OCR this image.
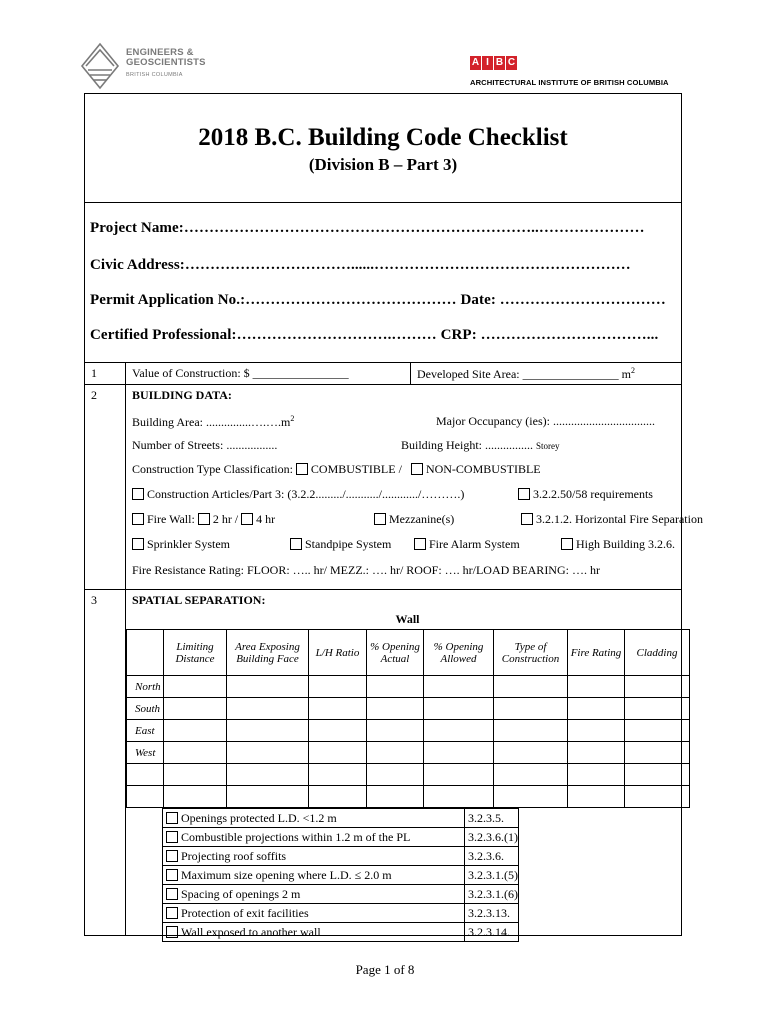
ENGINEERS &
GEOSCIENTISTS
BRITISH COLUMBIA
A I B C
ARCHITECTURAL INSTITUTE OF BRITISH COLUMBIA
2018 B.C. Building Code Checklist
(Division B – Part 3)
Project Name:……………………………………………………………..…………………
Civic Address:……………………………......……………………………………………
Permit Application No.:…………………………………… Date: ……………………………
Certified Professional:………………………….……… CRP: ……………………………...
1	Value of Construction: $ ________________	Developed Site Area: ________________ $m^2$
2	BUILDING DATA:
Building Area: $...............\dots.\dots.m^2$	Major Occupancy (ies): ..................................
Number of Streets: .................	Building Height: ................ Storey
Construction Type Classification: COMBUSTIBLE / NON-COMBUSTIBLE
Construction Articles/Part 3: (3.2.2........./.........../............/……….)	3.2.2.50/58 requirements
Fire Wall: 2 hr / 4 hr	Mezzanine(s)	3.2.1.2. Horizontal Fire Separation
Sprinkler System	Standpipe System	Fire Alarm System	High Building 3.2.6.
Fire Resistance Rating: FLOOR: ….. hr/ MEZZ.: …. hr/ ROOF: …. hr/LOAD BEARING: …. hr

3	SPATIAL SEPARATION:
Wall
	Limiting Distance	Area Exposing Building Face	L/H Ratio	% Opening Actual	% Opening Allowed	Type of Construction	Fire Rating	Cladding
North								
South								
East								
West								

Openings protected L.D. <1.2 m	3.2.3.5.
Combustible projections within 1.2 m of the PL	3.2.3.6.(1)
Projecting roof soffits	3.2.3.6.
Maximum size opening where L.D. ≤ 2.0 m	3.2.3.1.(5)
Spacing of openings 2 m	3.2.3.1.(6)
Protection of exit facilities	3.2.3.13.
Wall exposed to another wall	3.2.3.14.
Page 1 of 8
